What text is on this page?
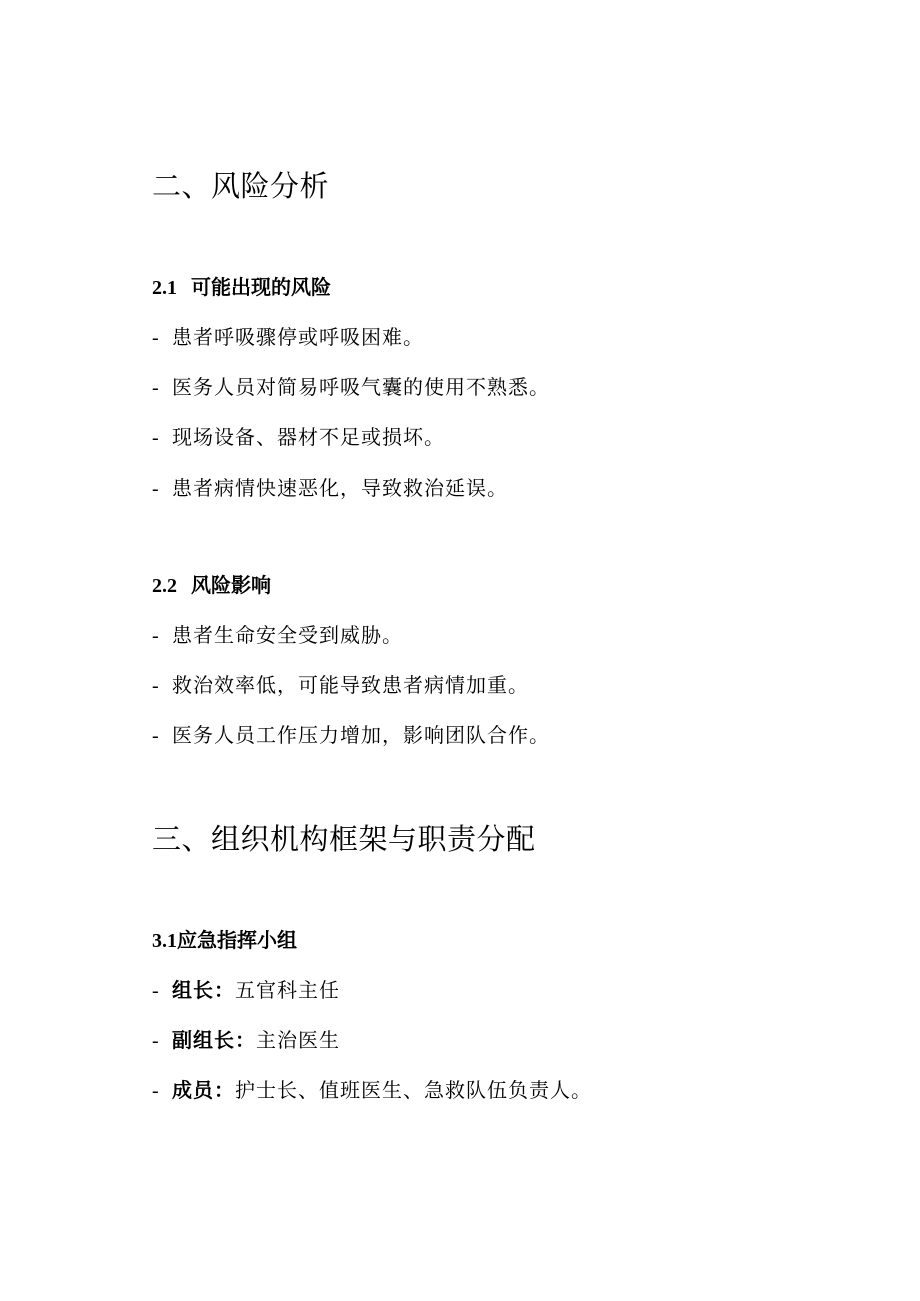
二、风险分析
2.1 可能出现的风险
- 患者呼吸骤停或呼吸困难。
- 医务人员对简易呼吸气囊的使用不熟悉。
- 现场设备、器材不足或损坏。
- 患者病情快速恶化，导致救治延误。
2.2 风险影响
- 患者生命安全受到威胁。
- 救治效率低，可能导致患者病情加重。
- 医务人员工作压力增加，影响团队合作。
三、组织机构框架与职责分配
3.1应急指挥小组
- 组长：五官科主任
- 副组长：主治医生
- 成员：护士长、值班医生、急救队伍负责人。
